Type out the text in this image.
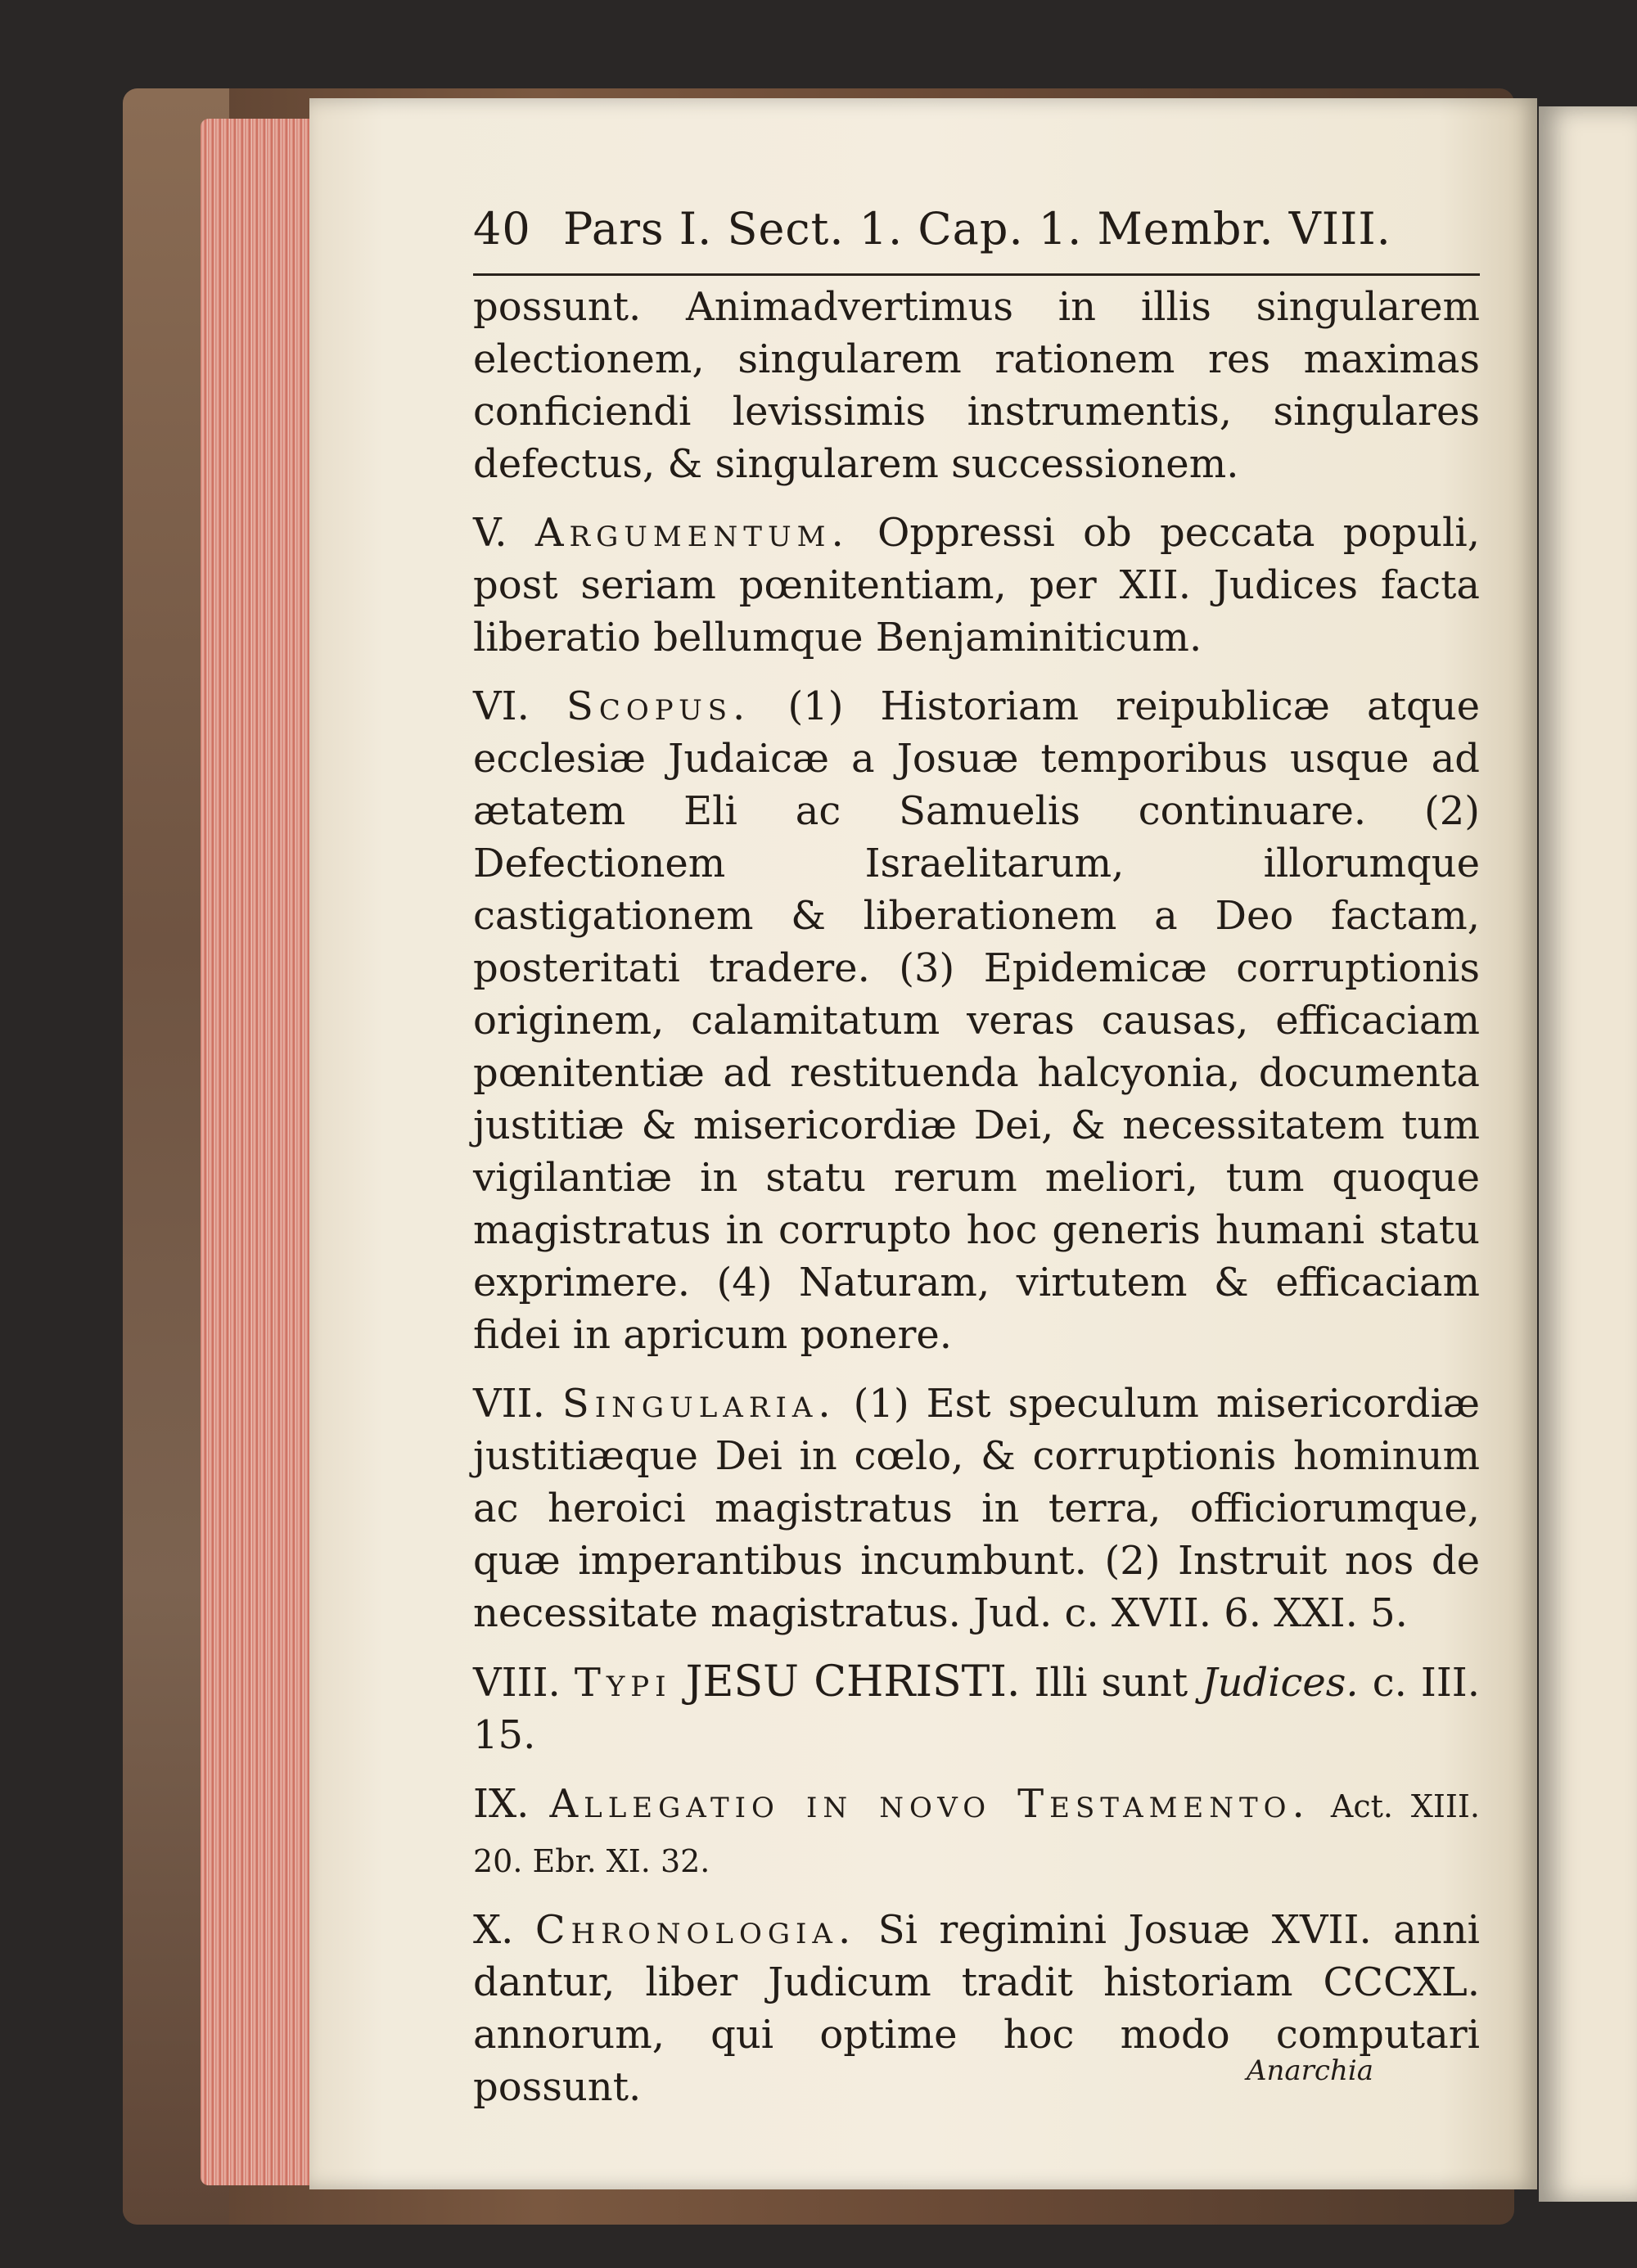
40 Pars I. Sect. 1. Cap. 1. Membr. VIII.

possunt. Animadvertimus in illis singularem electionem, singularem rationem res maximas conficiendi levissimis instrumentis, singulares defectus, & singularem successionem.

V. Argumentum. Oppressi ob peccata populi, post seriam pœnitentiam, per XII. Judices facta liberatio bellumque Benjaminiticum.

VI. Scopus. (1) Historiam reipublicæ atque ecclesiæ Judaicæ a Josuæ temporibus usque ad ætatem Eli ac Samuelis continuare. (2) Defectionem Israelitarum, illorumque castigationem & liberationem a Deo factam, posteritati tradere. (3) Epidemicæ corruptionis originem, calamitatum veras causas, efficaciam pœnitentiæ ad restituenda halcyonia, documenta justitiæ & misericordiæ Dei, & necessitatem tum vigilantiæ in statu rerum meliori, tum quoque magistratus in corrupto hoc generis humani statu exprimere. (4) Naturam, virtutem & efficaciam fidei in apricum ponere.

VII. Singularia. (1) Est speculum misericordiæ justitiæque Dei in cœlo, & corruptionis hominum ac heroici magistratus in terra, officiorumque, quæ imperantibus incumbunt. (2) Instruit nos de necessitate magistratus. Jud. c. XVII. 6. XXI. 5.

VIII. Typi JESU CHRISTI. Illi sunt Judices. c. III. 15.

IX. Allegatio in novo Testamento. Act. XIII. 20. Ebr. XI. 32.

X. Chronologia. Si regimini Josuæ XVII. anni dantur, liber Judicum tradit historiam CCCXL. annorum, qui optime hoc modo computari possunt.	Anarchia
